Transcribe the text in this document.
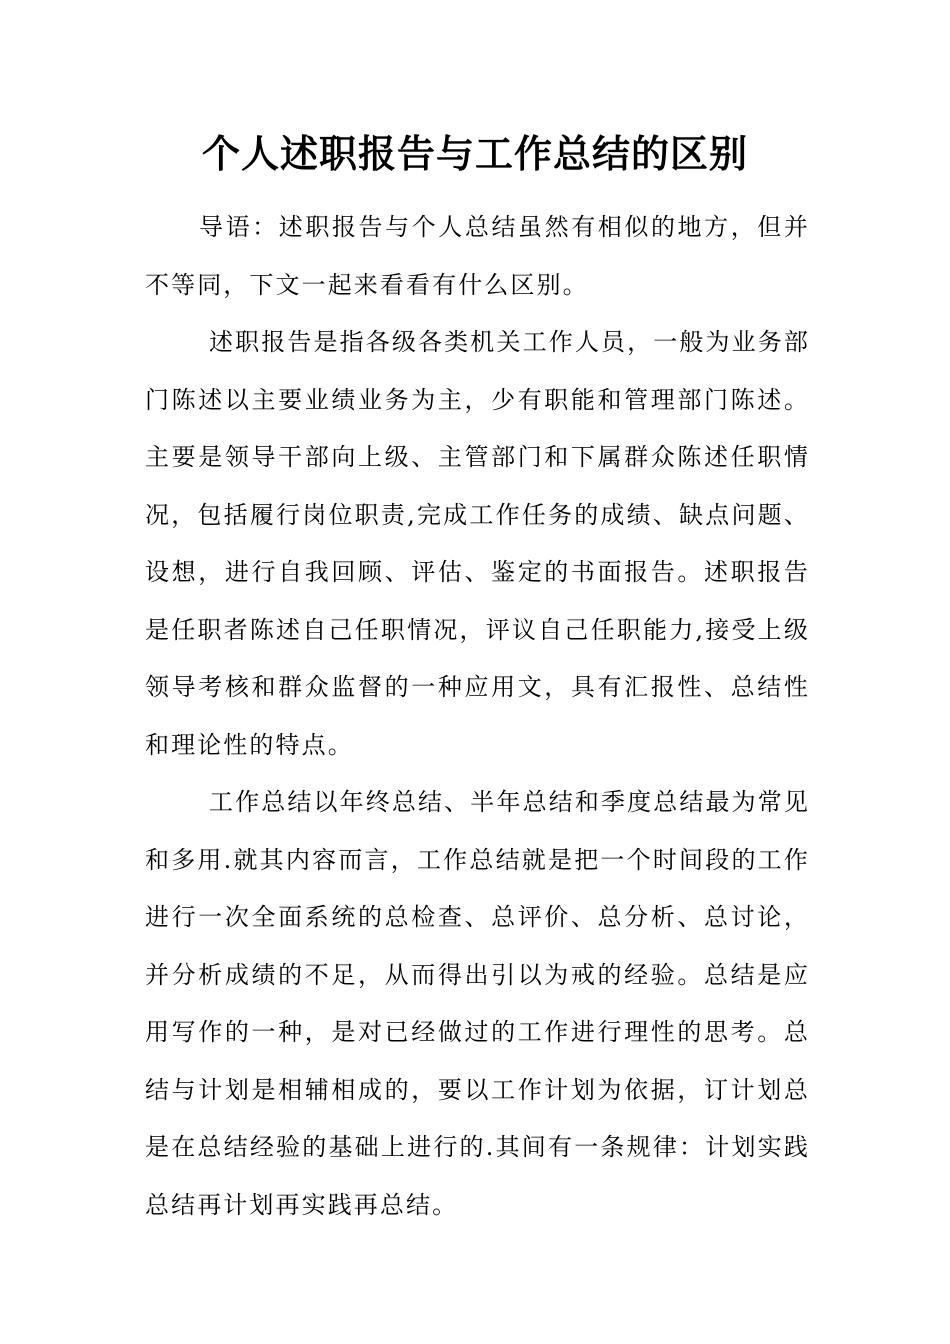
个人述职报告与工作总结的区别

导语：述职报告与个人总结虽然有相似的地方，但并不等同，下文一起来看看有什么区别。

述职报告是指各级各类机关工作人员，一般为业务部门陈述以主要业绩业务为主，少有职能和管理部门陈述。主要是领导干部向上级、主管部门和下属群众陈述任职情况，包括履行岗位职责,完成工作任务的成绩、缺点问题、设想，进行自我回顾、评估、鉴定的书面报告。述职报告是任职者陈述自己任职情况，评议自己任职能力,接受上级领导考核和群众监督的一种应用文，具有汇报性、总结性和理论性的特点。

工作总结以年终总结、半年总结和季度总结最为常见和多用.就其内容而言，工作总结就是把一个时间段的工作进行一次全面系统的总检查、总评价、总分析、总讨论，并分析成绩的不足，从而得出引以为戒的经验。总结是应用写作的一种，是对已经做过的工作进行理性的思考。总结与计划是相辅相成的，要以工作计划为依据，订计划总是在总结经验的基础上进行的.其间有一条规律：计划实践总结再计划再实践再总结。
